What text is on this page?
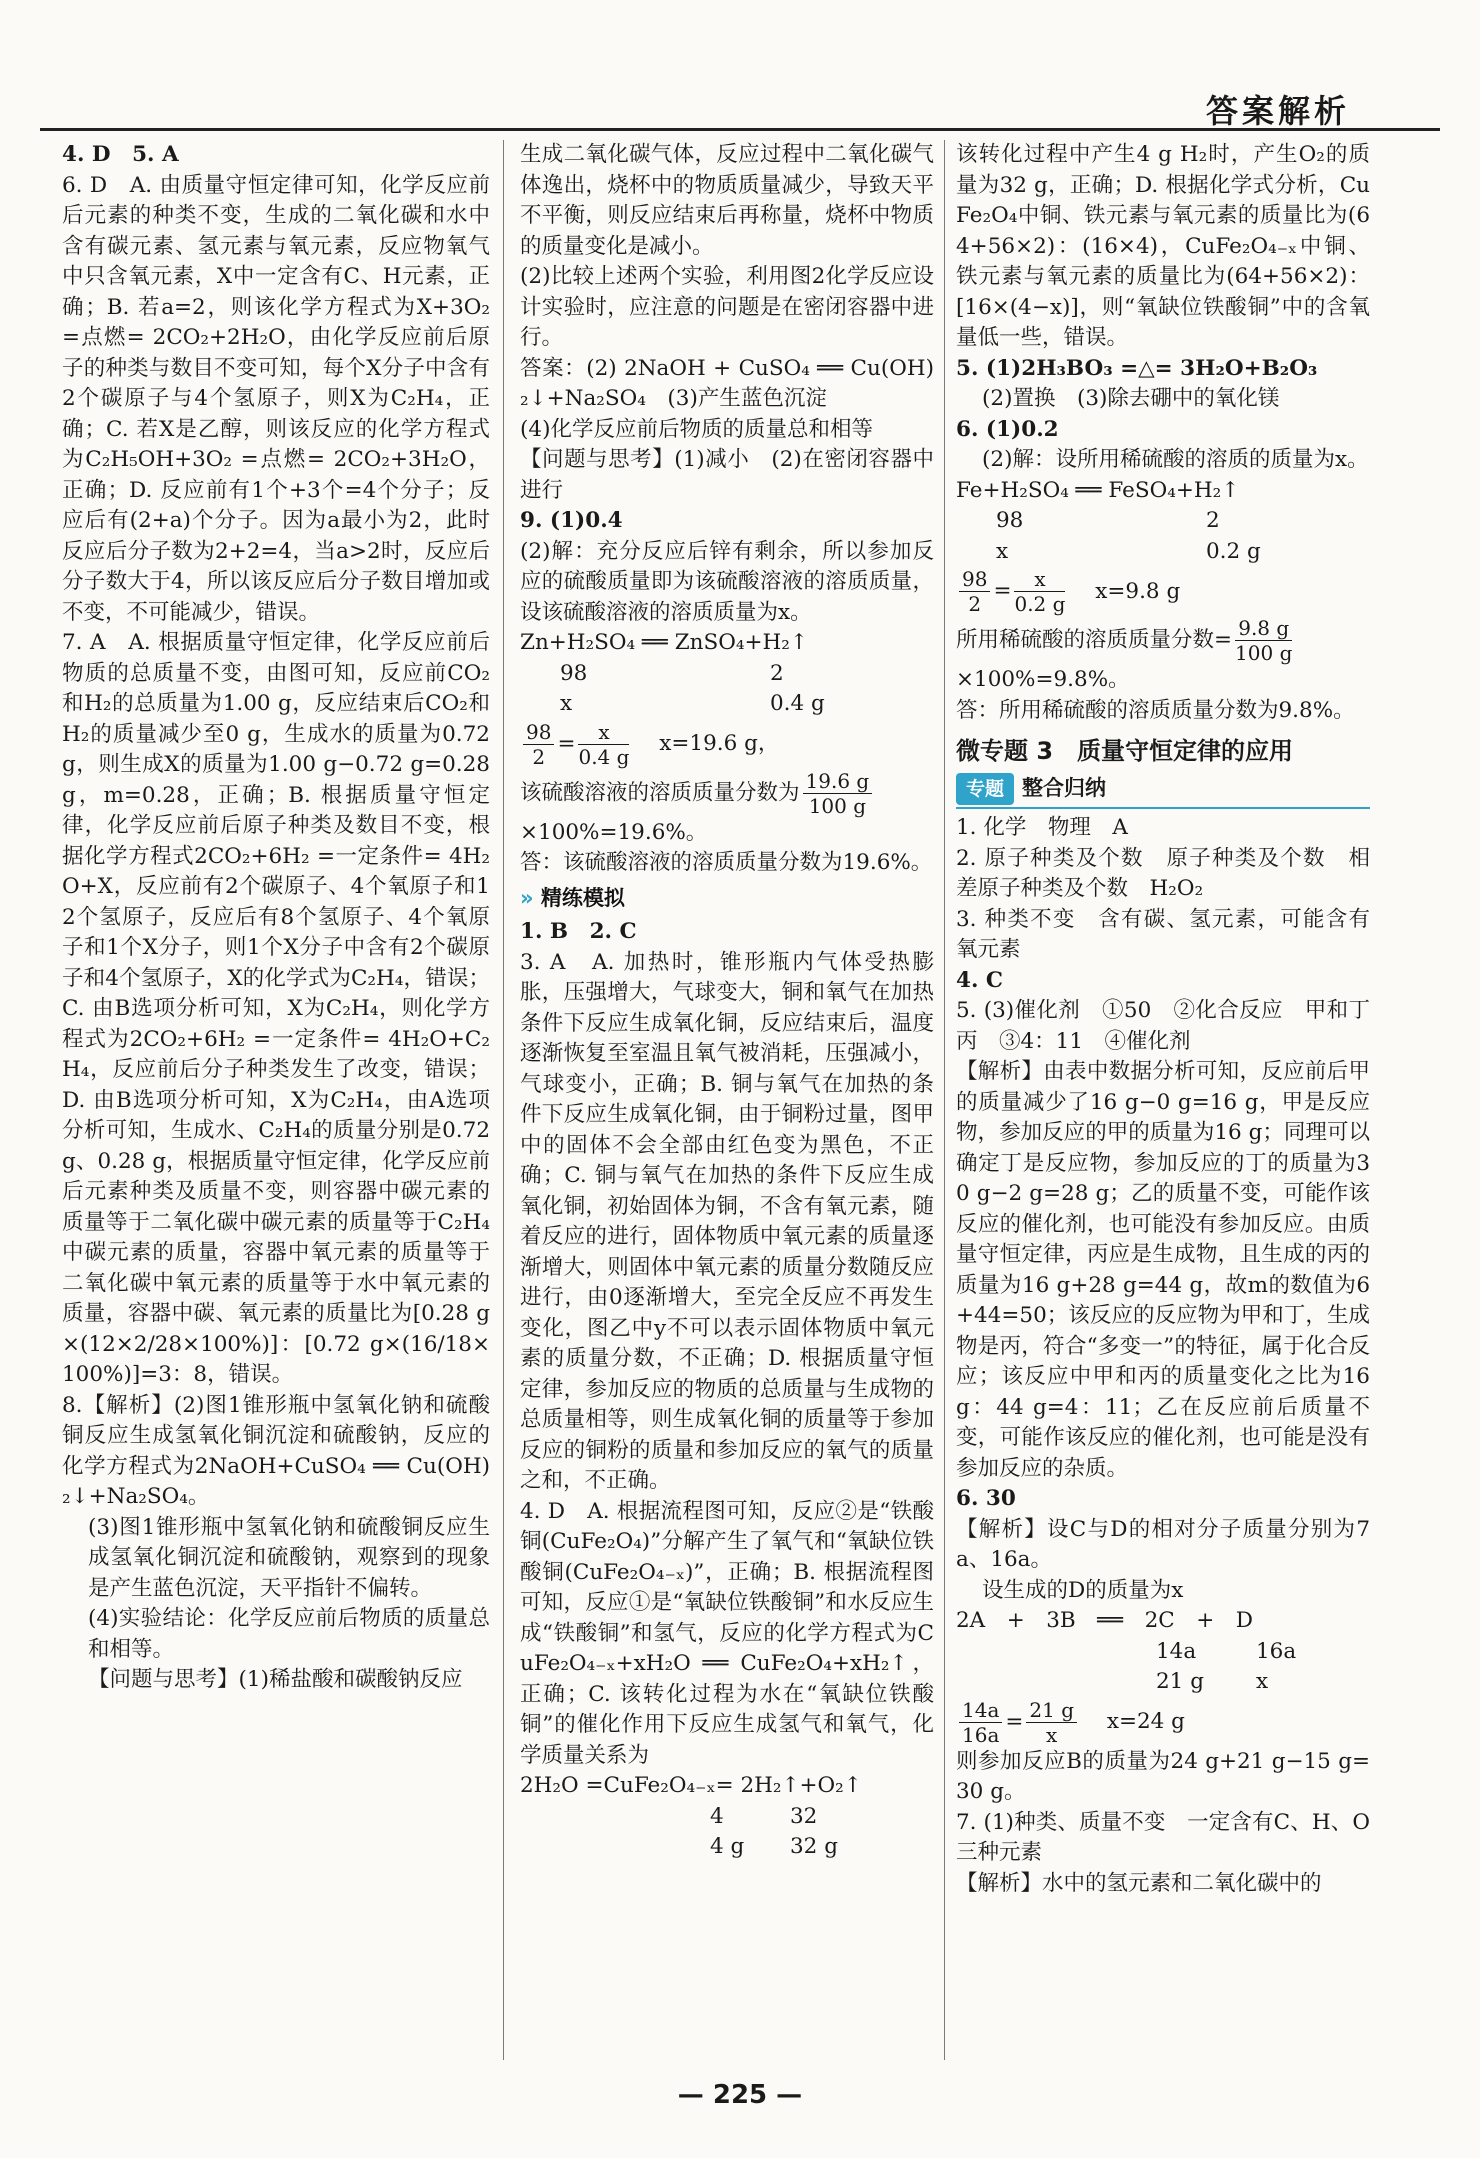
答案解析

4. D　5. A

6. D　A. 由质量守恒定律可知，化学反应前后元素的种类不变，生成的二氧化碳和水中含有碳元素、氢元素与氧元素，反应物氧气中只含氧元素，X中一定含有C、H元素，正确；B. 若a=2，则该化学方程式为X+3O₂ =点燃= 2CO₂+2H₂O，由化学反应前后原子的种类与数目不变可知，每个X分子中含有2个碳原子与4个氢原子，则X为C₂H₄，正确；C. 若X是乙醇，则该反应的化学方程式为C₂H₅OH+3O₂ =点燃= 2CO₂+3H₂O，正确；D. 反应前有1个+3个=4个分子；反应后有(2+a)个分子。因为a最小为2，此时反应后分子数为2+2=4，当a>2时，反应后分子数大于4，所以该反应后分子数目增加或不变，不可能减少，错误。

7. A　A. 根据质量守恒定律，化学反应前后物质的总质量不变，由图可知，反应前CO₂和H₂的总质量为1.00 g，反应结束后CO₂和H₂的质量减少至0 g，生成水的质量为0.72 g，则生成X的质量为1.00 g−0.72 g=0.28 g，m=0.28，正确；B. 根据质量守恒定律，化学反应前后原子种类及数目不变，根据化学方程式2CO₂+6H₂ =一定条件= 4H₂O+X，反应前有2个碳原子、4个氧原子和12个氢原子，反应后有8个氢原子、4个氧原子和1个X分子，则1个X分子中含有2个碳原子和4个氢原子，X的化学式为C₂H₄，错误；C. 由B选项分析可知，X为C₂H₄，则化学方程式为2CO₂+6H₂ =一定条件= 4H₂O+C₂H₄，反应前后分子种类发生了改变，错误；D. 由B选项分析可知，X为C₂H₄，由A选项分析可知，生成水、C₂H₄的质量分别是0.72 g、0.28 g，根据质量守恒定律，化学反应前后元素种类及质量不变，则容器中碳元素的质量等于二氧化碳中碳元素的质量等于C₂H₄中碳元素的质量，容器中氧元素的质量等于二氧化碳中氧元素的质量等于水中氧元素的质量，容器中碳、氧元素的质量比为[0.28 g×(12×2/28×100%)]：[0.72 g×(16/18×100%)]=3：8，错误。

8.【解析】(2)图1锥形瓶中氢氧化钠和硫酸铜反应生成氢氧化铜沉淀和硫酸钠，反应的化学方程式为2NaOH+CuSO₄ ══ Cu(OH)₂↓+Na₂SO₄。

(3)图1锥形瓶中氢氧化钠和硫酸铜反应生成氢氧化铜沉淀和硫酸钠，观察到的现象是产生蓝色沉淀，天平指针不偏转。

(4)实验结论：化学反应前后物质的质量总和相等。

【问题与思考】(1)稀盐酸和碳酸钠反应

生成二氧化碳气体，反应过程中二氧化碳气体逸出，烧杯中的物质质量减少，导致天平不平衡，则反应结束后再称量，烧杯中物质的质量变化是减小。

(2)比较上述两个实验，利用图2化学反应设计实验时，应注意的问题是在密闭容器中进行。

答案：(2) 2NaOH + CuSO₄ ══ Cu(OH)₂↓+Na₂SO₄　(3)产生蓝色沉淀

(4)化学反应前后物质的质量总和相等

【问题与思考】(1)减小　(2)在密闭容器中进行

9. (1)0.4

(2)解：充分反应后锌有剩余，所以参加反应的硫酸质量即为该硫酸溶液的溶质质量，设该硫酸溶液的溶质质量为x。

Zn+H₂SO₄ ══ ZnSO₄+H₂↑

98	2
x	0.4 g
$\frac{98}{2} = \frac{x}{0.4 g} x=19.6$ g，
该硫酸溶液的溶质质量分数为 $\frac{19.6 g}{100 g}$

×100%=19.6%。

答：该硫酸溶液的溶质质量分数为19.6%。

» 精练模拟

1. B　2. C

3. A　A. 加热时，锥形瓶内气体受热膨胀，压强增大，气球变大，铜和氧气在加热条件下反应生成氧化铜，反应结束后，温度逐渐恢复至室温且氧气被消耗，压强减小，气球变小，正确；B. 铜与氧气在加热的条件下反应生成氧化铜，由于铜粉过量，图甲中的固体不会全部由红色变为黑色，不正确；C. 铜与氧气在加热的条件下反应生成氧化铜，初始固体为铜，不含有氧元素，随着反应的进行，固体物质中氧元素的质量逐渐增大，则固体中氧元素的质量分数随反应进行，由0逐渐增大，至完全反应不再发生变化，图乙中y不可以表示固体物质中氧元素的质量分数，不正确；D. 根据质量守恒定律，参加反应的物质的总质量与生成物的总质量相等，则生成氧化铜的质量等于参加反应的铜粉的质量和参加反应的氧气的质量之和，不正确。

4. D　A. 根据流程图可知，反应②是“铁酸铜(CuFe₂O₄)”分解产生了氧气和“氧缺位铁酸铜(CuFe₂O₄₋ₓ)”，正确；B. 根据流程图可知，反应①是“氧缺位铁酸铜”和水反应生成“铁酸铜”和氢气，反应的化学方程式为CuFe₂O₄₋ₓ+xH₂O ══ CuFe₂O₄+xH₂↑，正确；C. 该转化过程为水在“氧缺位铁酸铜”的催化作用下反应生成氢气和氧气，化学质量关系为

2H₂O =CuFe₂O₄₋ₓ= 2H₂↑+O₂↑

4	32
4 g	32 g

该转化过程中产生4 g H₂时，产生O₂的质量为32 g，正确；D. 根据化学式分析，CuFe₂O₄中铜、铁元素与氧元素的质量比为(64+56×2)：(16×4)，CuFe₂O₄₋ₓ中铜、铁元素与氧元素的质量比为(64+56×2)：[16×(4−x)]，则“氧缺位铁酸铜”中的含氧量低一些，错误。

5. (1)2H₃BO₃ =△= 3H₂O+B₂O₃

(2)置换　(3)除去硼中的氧化镁

6. (1)0.2

(2)解：设所用稀硫酸的溶质的质量为x。

Fe+H₂SO₄ ══ FeSO₄+H₂↑

98	2
x	0.2 g
$\frac{98}{2} = \frac{x}{0.2 g} x=9.8$ g
所用稀硫酸的溶质质量分数= $\frac{9.8 g}{100 g}$

×100%=9.8%。

答：所用稀硫酸的溶质质量分数为9.8%。

微专题 3　质量守恒定律的应用
专题 整合归纳

1. 化学　物理　A

2. 原子种类及个数　原子种类及个数　相差原子种类及个数　H₂O₂

3. 种类不变　含有碳、氢元素，可能含有氧元素

4. C

5. (3)催化剂　①50　②化合反应　甲和丁　丙　③4：11　④催化剂

【解析】由表中数据分析可知，反应前后甲的质量减少了16 g−0 g=16 g，甲是反应物，参加反应的甲的质量为16 g；同理可以确定丁是反应物，参加反应的丁的质量为30 g−2 g=28 g；乙的质量不变，可能作该反应的催化剂，也可能没有参加反应。由质量守恒定律，丙应是生成物，且生成的丙的质量为16 g+28 g=44 g，故m的数值为6+44=50；该反应的反应物为甲和丁，生成物是丙，符合“多变一”的特征，属于化合反应；该反应中甲和丙的质量变化之比为16 g：44 g=4：11；乙在反应前后质量不变，可能作该反应的催化剂，也可能是没有参加反应的杂质。

6. 30

【解析】设C与D的相对分子质量分别为7a、16a。

设生成的D的质量为x

2A　+　3B　══　2C　+　D

14a	16a
21 g	x
$\frac{14a}{16a} = \frac{21 g}{x} x=24$ g

则参加反应B的质量为24 g+21 g−15 g=30 g。

7. (1)种类、质量不变　一定含有C、H、O三种元素

【解析】水中的氢元素和二氧化碳中的

— 225 —
